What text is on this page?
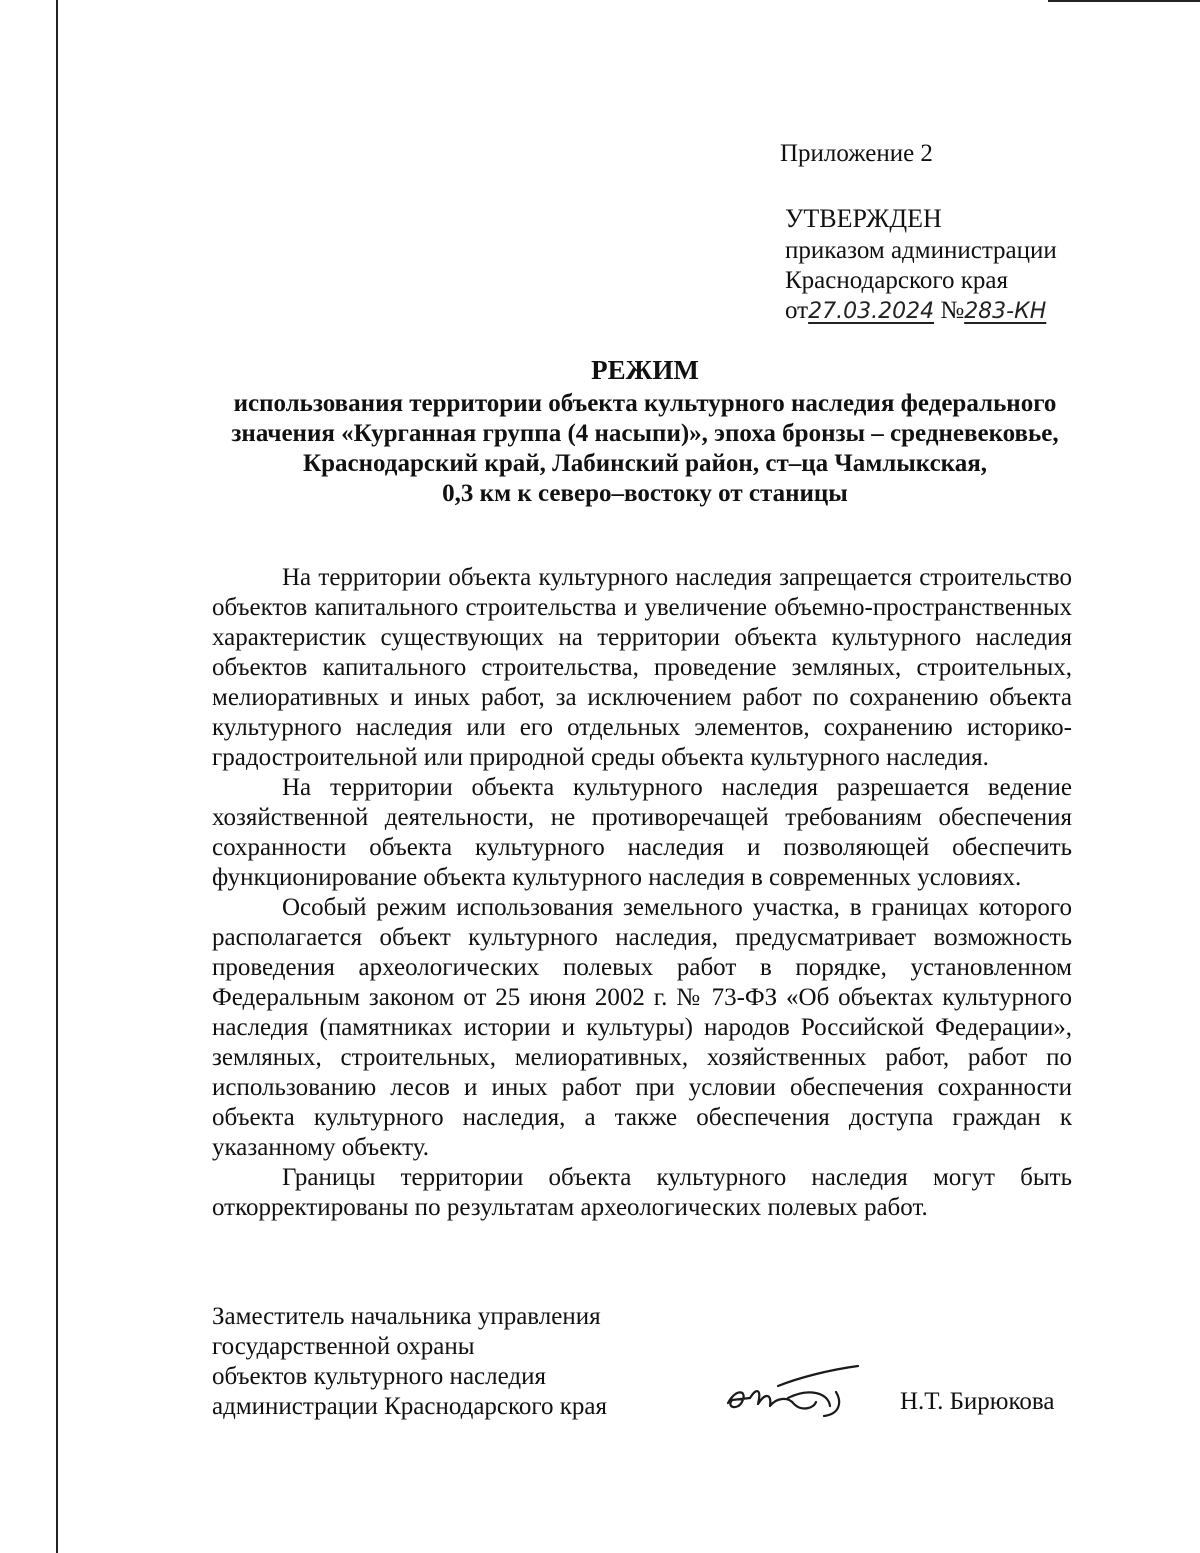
Приложение 2
УТВЕРЖДЕН
приказом администрации
Краснодарского края
от27.03.2024 №283-КН
РЕЖИМ
использования территории объекта культурного наследия федерального
значения «Курганная группа (4 насыпи)», эпоха бронзы – средневековье,
Краснодарский край, Лабинский район, ст–ца Чамлыкская,
0,3 км к северо–востоку от станицы

На территории объекта культурного наследия запрещается строительство объектов капитального строительства и увеличение объемно-пространственных характеристик существующих на территории объекта культурного наследия объектов капитального строительства, проведение земляных, строительных, мелиоративных и иных работ, за исключением работ по сохранению объекта культурного наследия или его отдельных элементов, сохранению историко-градостроительной или природной среды объекта культурного наследия.

На территории объекта культурного наследия разрешается ведение хозяйственной деятельности, не противоречащей требованиям обеспечения сохранности объекта культурного наследия и позволяющей обеспечить функционирование объекта культурного наследия в современных условиях.

Особый режим использования земельного участка, в границах которого располагается объект культурного наследия, предусматривает возможность проведения археологических полевых работ в порядке, установленном Федеральным законом от 25 июня 2002 г. № 73-ФЗ «Об объектах культурного наследия (памятниках истории и культуры) народов Российской Федерации», земляных, строительных, мелиоративных, хозяйственных работ, работ по использованию лесов и иных работ при условии обеспечения сохранности объекта культурного наследия, а также обеспечения доступа граждан к указанному объекту.

Границы территории объекта культурного наследия могут быть откорректированы по результатам археологических полевых работ.

Заместитель начальника управления
государственной охраны
объектов культурного наследия
администрации Краснодарского края	Н.Т. Бирюкова
